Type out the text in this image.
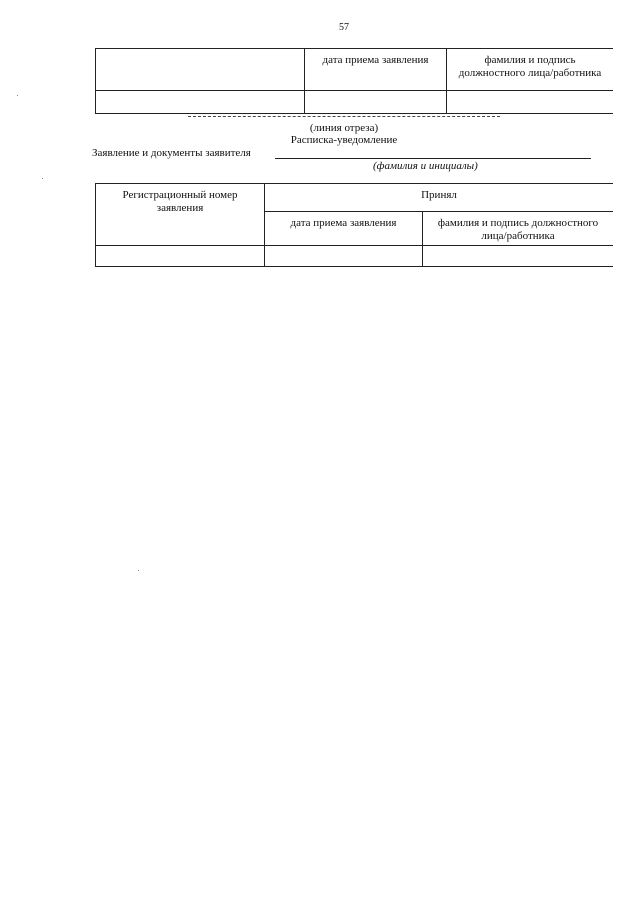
57
	дата приема заявления	фамилия и подпись должностного лица/работника

(линия отреза)
Расписка-уведомление
Заявление и документы заявителя
(фамилия и инициалы)
Регистрационный номер заявления	Принял	
	дата приема заявления	фамилия и подпись должностного лица/работника
